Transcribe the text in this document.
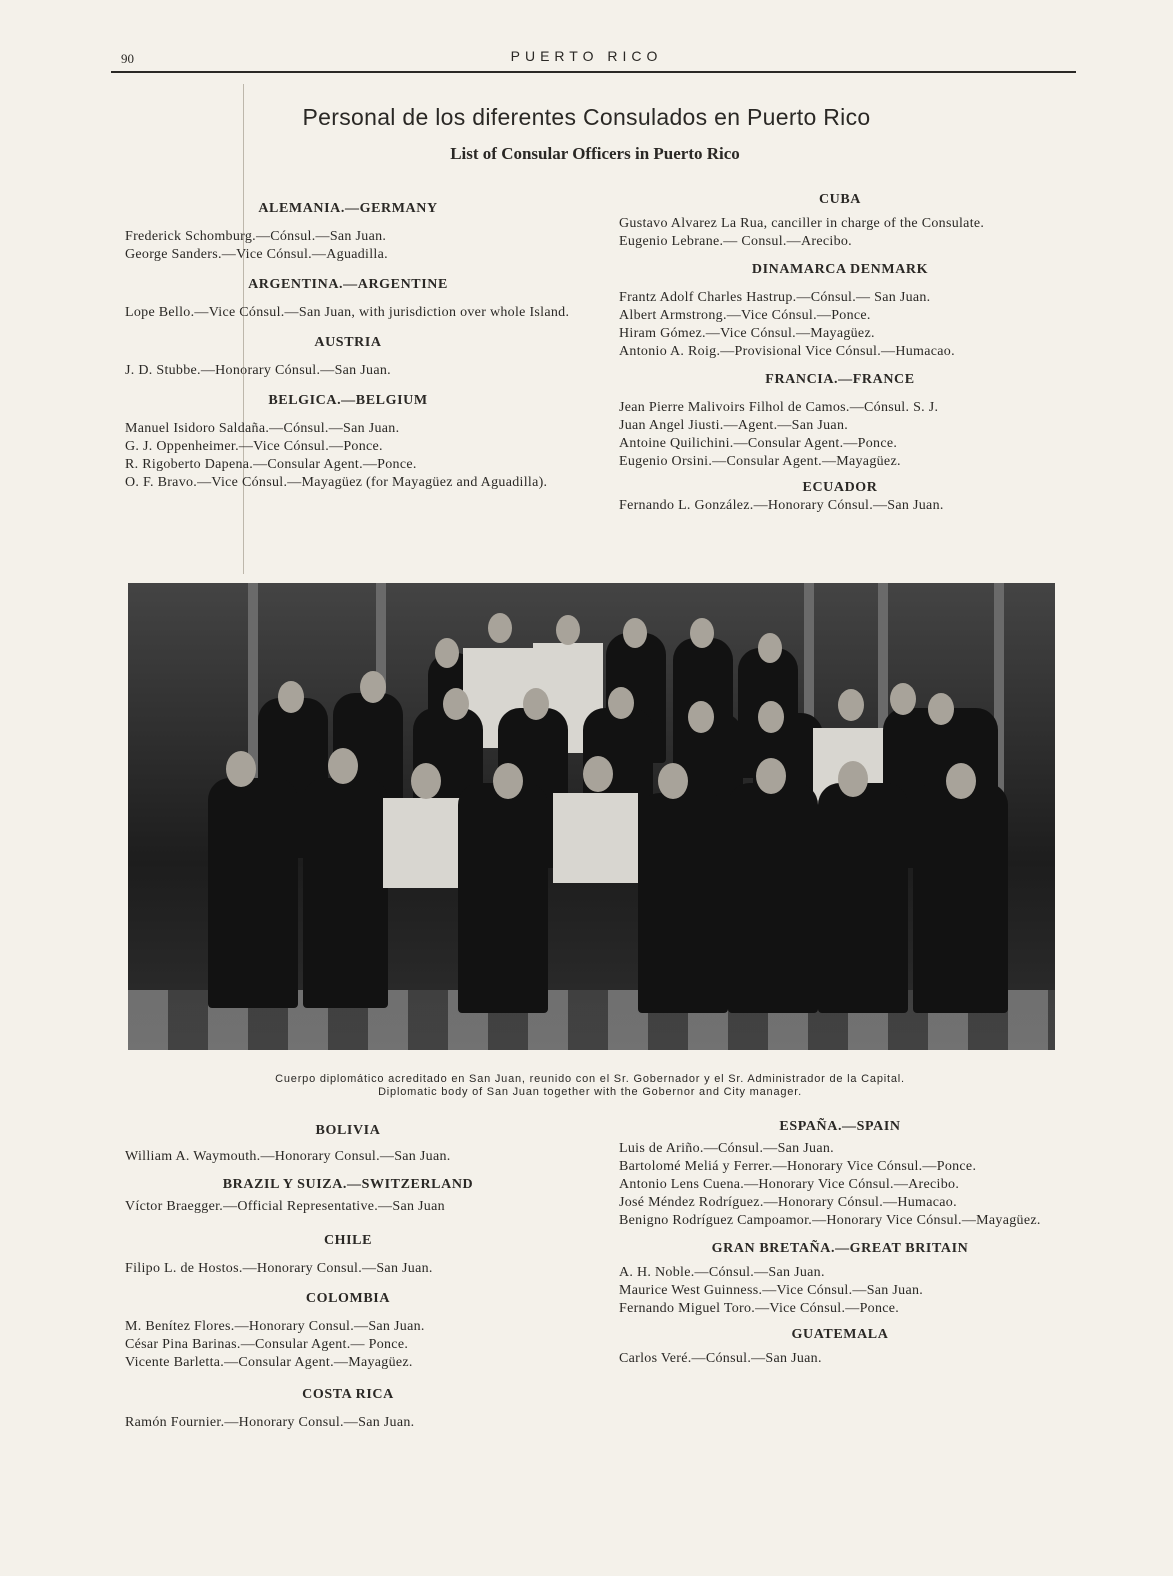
90	PUERTO RICO
Personal de los diferentes Consulados en Puerto Rico
List of Consular Officers in Puerto Rico
ALEMANIA.—GERMANY
Frederick Schomburg.—Cónsul.—San Juan.
George Sanders.—Vice Cónsul.—Aguadilla.
ARGENTINA.—ARGENTINE
Lope Bello.—Vice Cónsul.—San Juan, with jurisdiction over whole Island.
AUSTRIA
J. D. Stubbe.—Honorary Cónsul.—San Juan.
BELGICA.—BELGIUM
Manuel Isidoro Saldaña.—Cónsul.—San Juan.
G. J. Oppenheimer.—Vice Cónsul.—Ponce.
R. Rigoberto Dapena.—Consular Agent.—Ponce.
O. F. Bravo.—Vice Cónsul.—Mayagüez (for Mayagüez and Aguadilla).
CUBA
Gustavo Alvarez La Rua, canciller in charge of the Consulate.
Eugenio Lebrane.— Consul.—Arecibo.
DINAMARCA DENMARK
Frantz Adolf Charles Hastrup.—Cónsul.— San Juan.
Albert Armstrong.—Vice Cónsul.—Ponce.
Hiram Gómez.—Vice Cónsul.—Mayagüez.
Antonio A. Roig.—Provisional Vice Cónsul.—Humacao.
FRANCIA.—FRANCE
Jean Pierre Malivoirs Filhol de Camos.—Cónsul. S. J.
Juan Angel Jiusti.—Agent.—San Juan.
Antoine Quilichini.—Consular Agent.—Ponce.
Eugenio Orsini.—Consular Agent.—Mayagüez.
ECUADOR
Fernando L. González.—Honorary Cónsul.—San Juan.
Cuerpo diplomático acreditado en San Juan, reunido con el Sr. Gobernador y el Sr. Administrador de la Capital.
Diplomatic body of San Juan together with the Gobernor and City manager.
BOLIVIA
William A. Waymouth.—Honorary Consul.—San Juan.
BRAZIL Y SUIZA.—SWITZERLAND
Víctor Braegger.—Official Representative.—San Juan
CHILE
Filipo L. de Hostos.—Honorary Consul.—San Juan.
COLOMBIA
M. Benítez Flores.—Honorary Consul.—San Juan.
César Pina Barinas.—Consular Agent.— Ponce.
Vicente Barletta.—Consular Agent.—Mayagüez.
COSTA RICA
Ramón Fournier.—Honorary Consul.—San Juan.
ESPAÑA.—SPAIN
Luis de Ariño.—Cónsul.—San Juan.
Bartolomé Meliá y Ferrer.—Honorary Vice Cónsul.—Ponce.
Antonio Lens Cuena.—Honorary Vice Cónsul.—Arecibo.
José Méndez Rodríguez.—Honorary Cónsul.—Humacao.
Benigno Rodríguez Campoamor.—Honorary Vice Cónsul.—Mayagüez.
GRAN BRETAÑA.—GREAT BRITAIN
A. H. Noble.—Cónsul.—San Juan.
Maurice West Guinness.—Vice Cónsul.—San Juan.
Fernando Miguel Toro.—Vice Cónsul.—Ponce.
GUATEMALA
Carlos Veré.—Cónsul.—San Juan.
